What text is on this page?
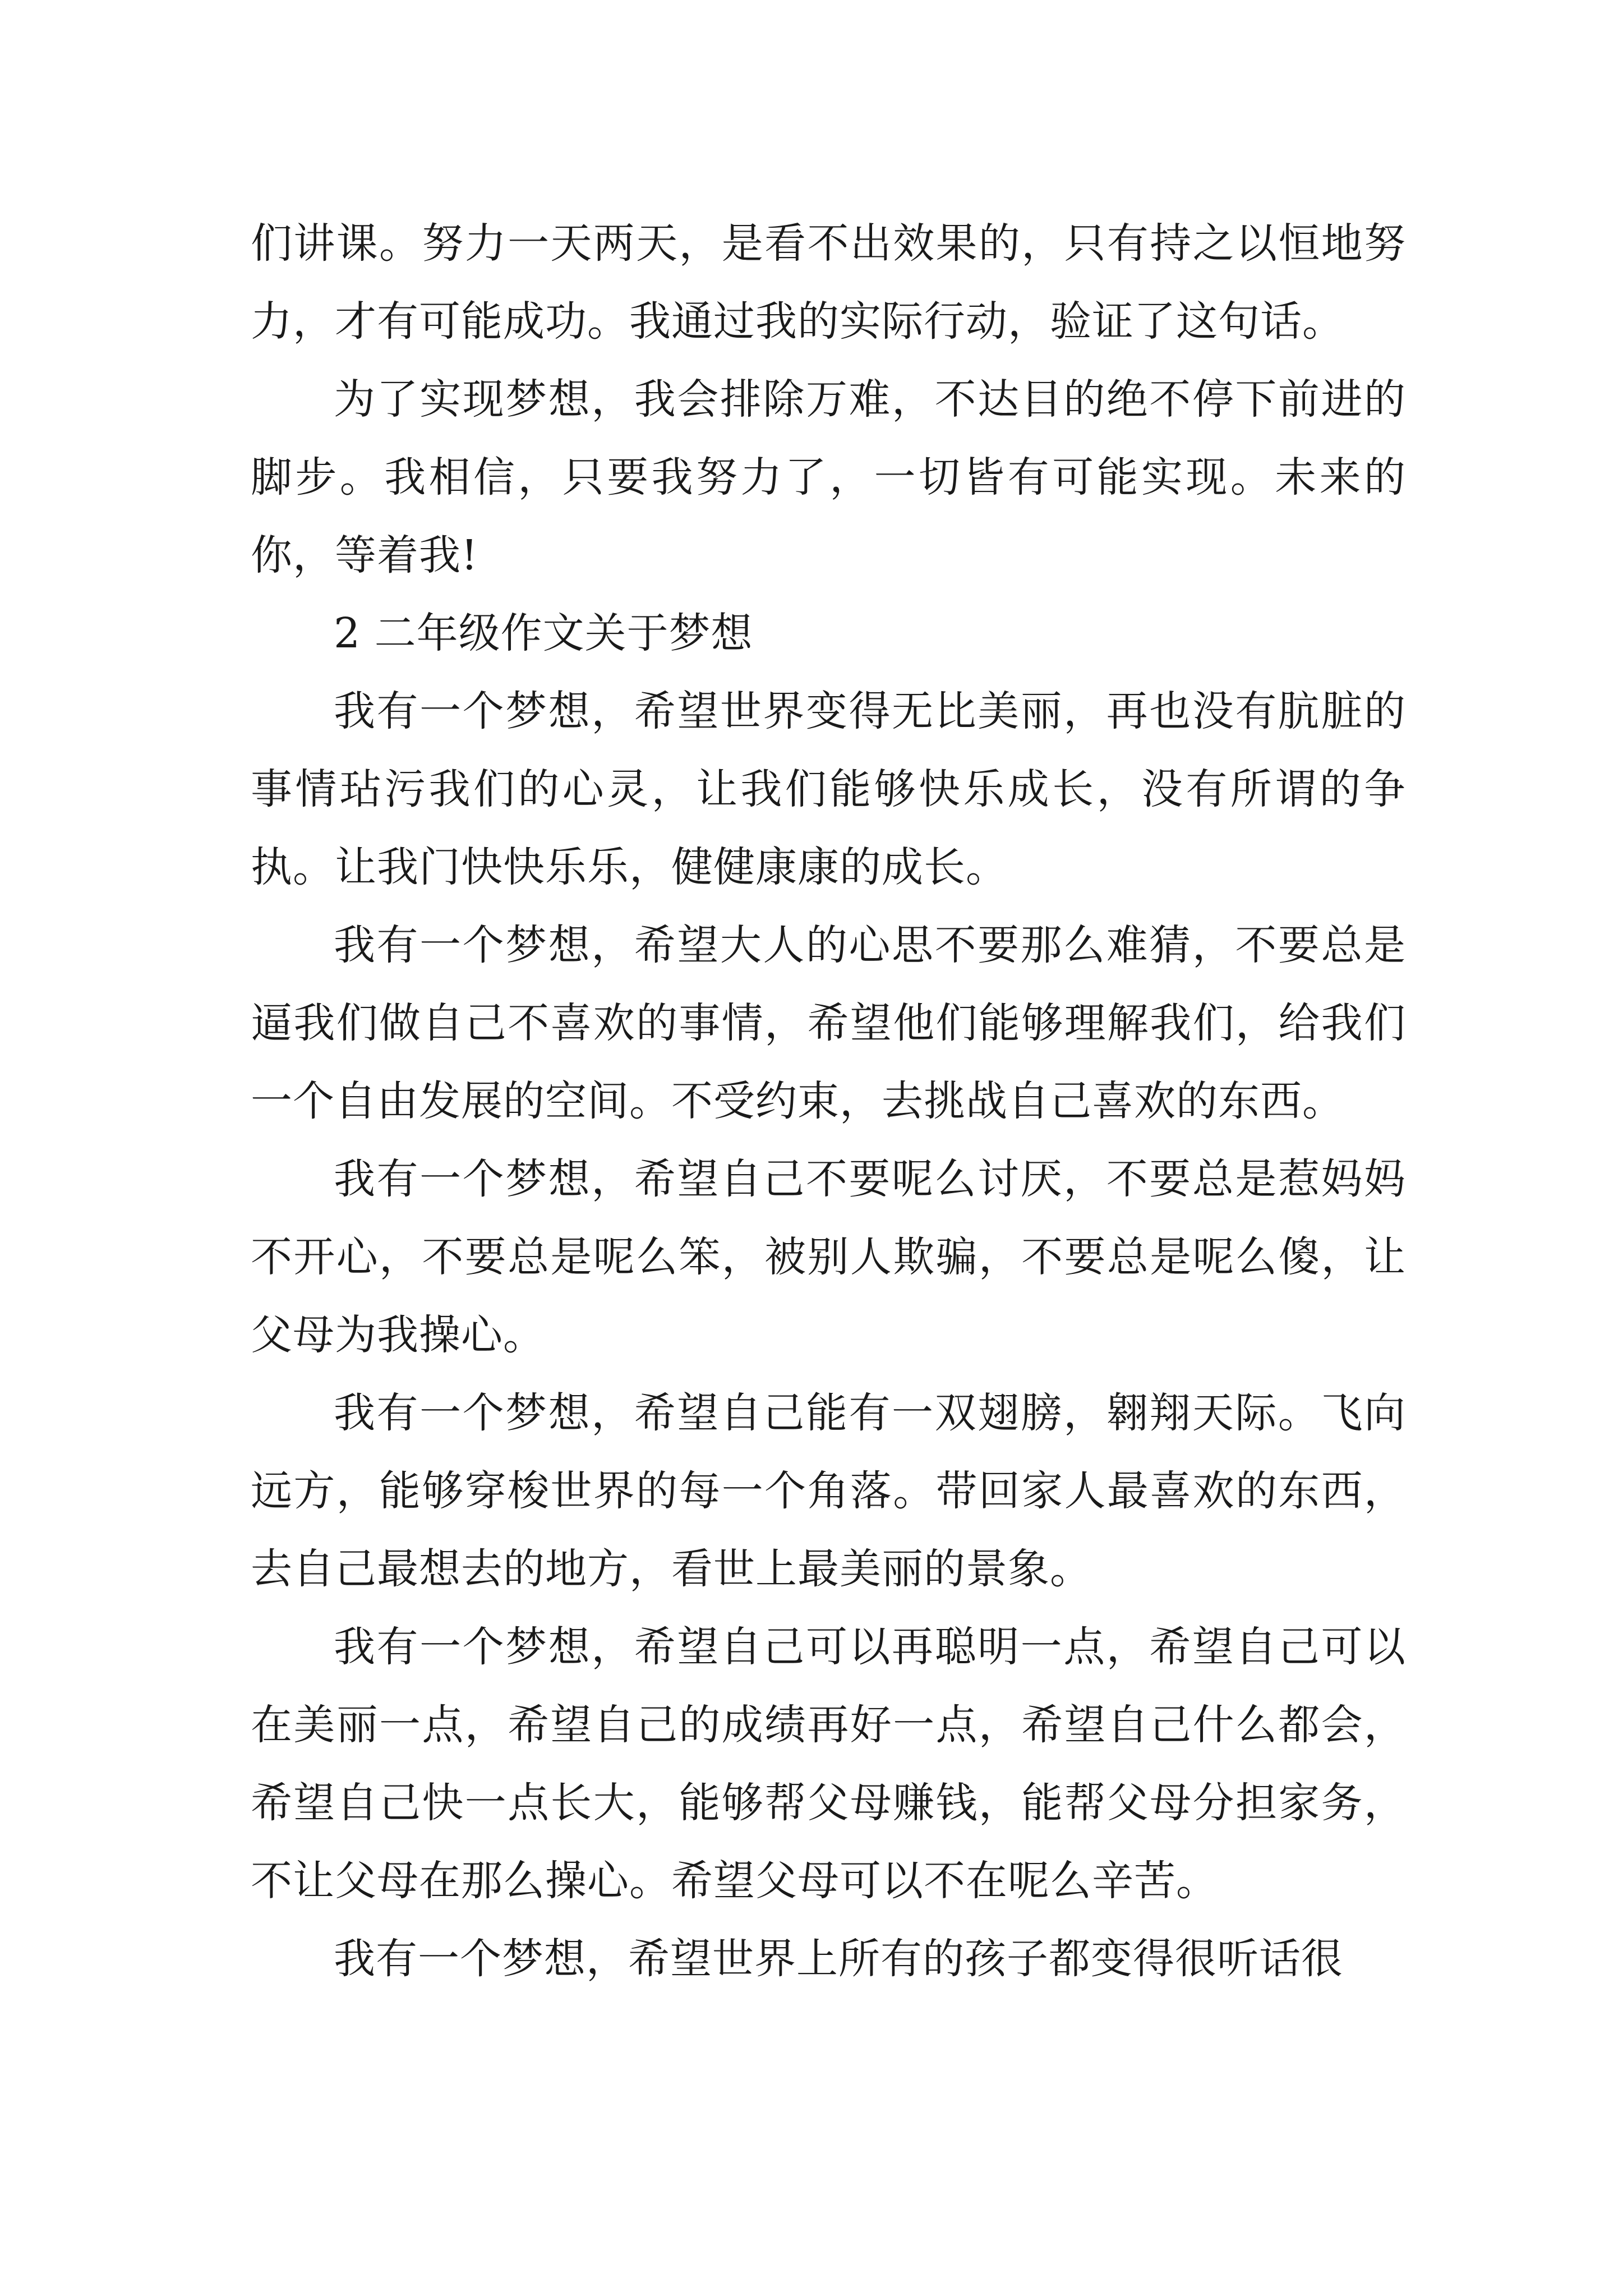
们讲课。努力一天两天，是看不出效果的，只有持之以恒地努力，才有可能成功。我通过我的实际行动，验证了这句话。

为了实现梦想，我会排除万难，不达目的绝不停下前进的脚步。我相信，只要我努力了，一切皆有可能实现。未来的你，等着我!

2 二年级作文关于梦想

我有一个梦想，希望世界变得无比美丽，再也没有肮脏的事情玷污我们的心灵，让我们能够快乐成长，没有所谓的争执。让我门快快乐乐，健健康康的成长。

我有一个梦想，希望大人的心思不要那么难猜，不要总是逼我们做自己不喜欢的事情，希望他们能够理解我们，给我们一个自由发展的空间。不受约束，去挑战自己喜欢的东西。

我有一个梦想，希望自己不要呢么讨厌，不要总是惹妈妈不开心，不要总是呢么笨，被别人欺骗，不要总是呢么傻，让父母为我操心。

我有一个梦想，希望自己能有一双翅膀，翱翔天际。飞向远方，能够穿梭世界的每一个角落。带回家人最喜欢的东西，去自己最想去的地方，看世上最美丽的景象。

我有一个梦想，希望自己可以再聪明一点，希望自己可以在美丽一点，希望自己的成绩再好一点，希望自己什么都会，希望自己快一点长大，能够帮父母赚钱，能帮父母分担家务，不让父母在那么操心。希望父母可以不在呢么辛苦。

我有一个梦想，希望世界上所有的孩子都变得很听话很
